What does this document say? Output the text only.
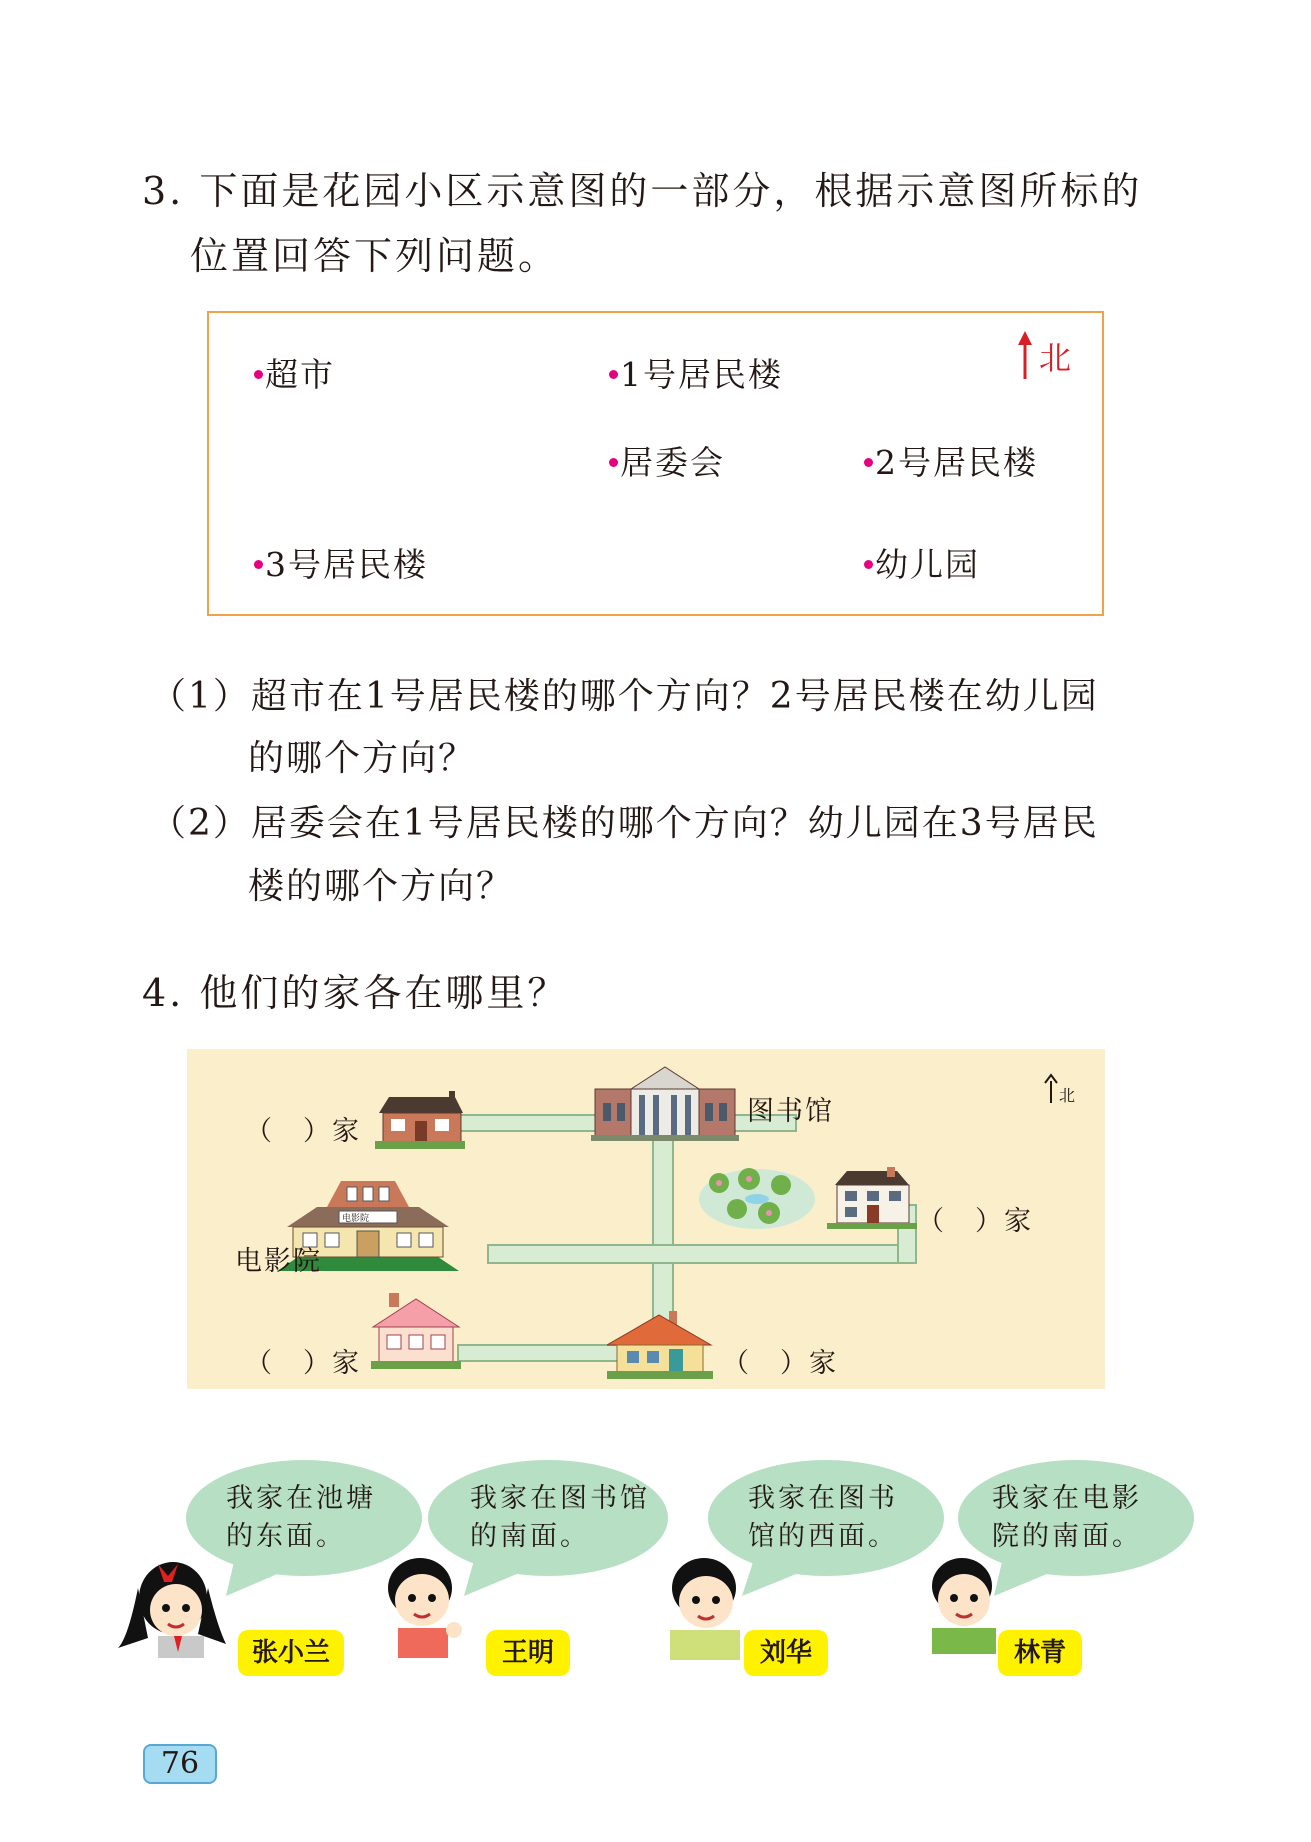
3. 下面是花园小区示意图的一部分，根据示意图所标的
位置回答下列问题。
超市	1号居民楼
居委会	2号居民楼
3号居民楼	幼儿园
北
（1）超市在1号居民楼的哪个方向？2号居民楼在幼儿园
的哪个方向？
（2）居委会在1号居民楼的哪个方向？幼儿园在3号居民
楼的哪个方向？
4. 他们的家各在哪里？
图书馆
（　）家
电影院
电影院
（　）家
（　）家	（　）家
北
我家在池塘
的东面。
我家在图书馆
的南面。
我家在图书
馆的西面。
我家在电影
院的南面。
张小兰	王明	刘华	林青
76
